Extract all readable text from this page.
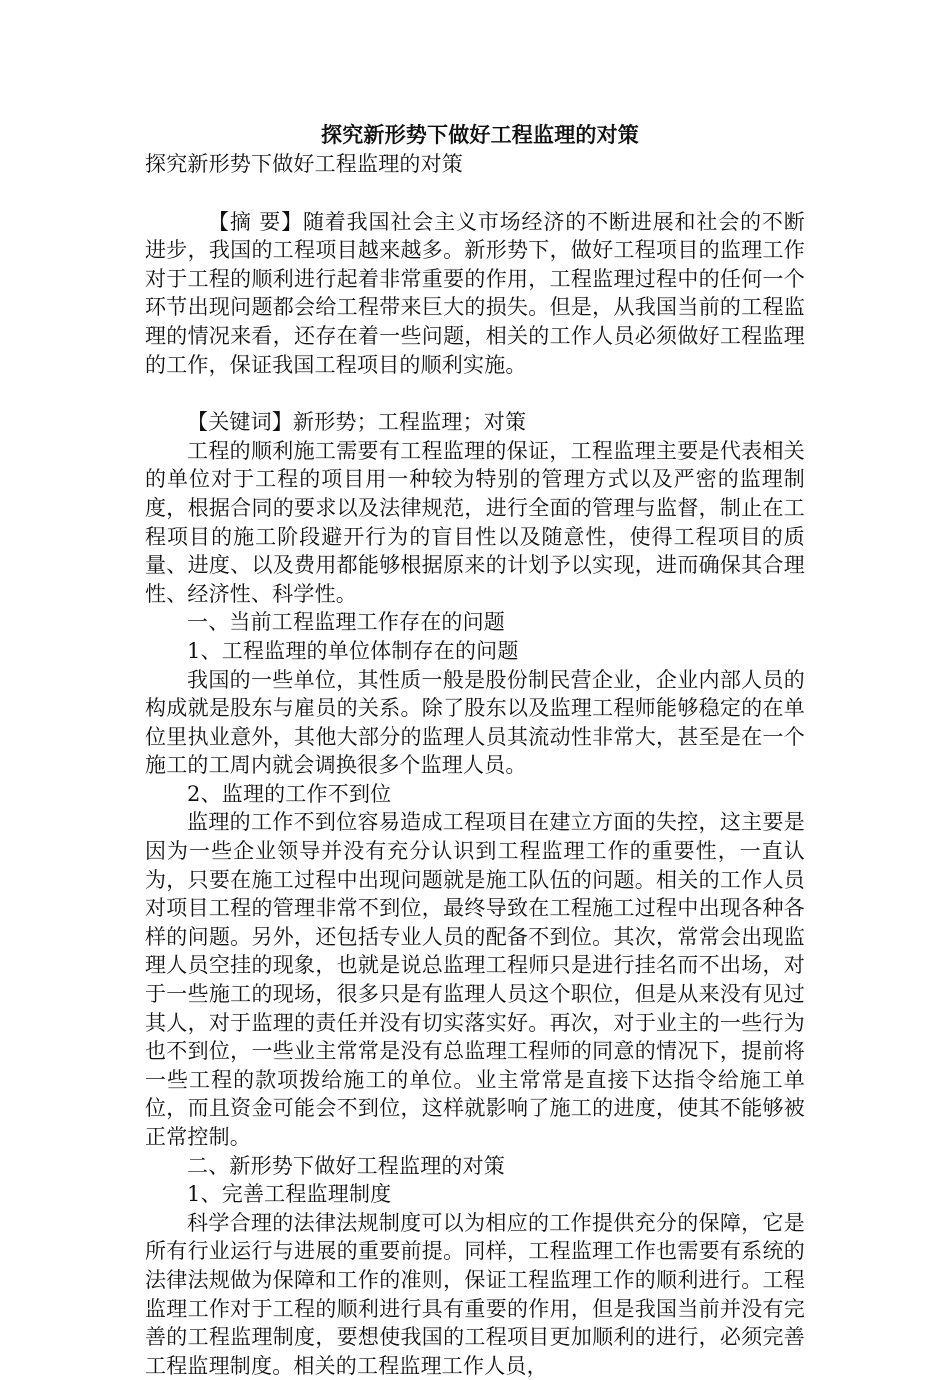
探究新形势下做好工程监理的对策

探究新形势下做好工程监理的对策

【摘 要】随着我国社会主义市场经济的不断进展和社会的不断进步，我国的工程项目越来越多。新形势下，做好工程项目的监理工作对于工程的顺利进行起着非常重要的作用，工程监理过程中的任何一个环节出现问题都会给工程带来巨大的损失。但是，从我国当前的工程监理的情况来看，还存在着一些问题，相关的工作人员必须做好工程监理的工作，保证我国工程项目的顺利实施。

【关键词】新形势；工程监理；对策

工程的顺利施工需要有工程监理的保证，工程监理主要是代表相关的单位对于工程的项目用一种较为特别的管理方式以及严密的监理制度，根据合同的要求以及法律规范，进行全面的管理与监督，制止在工程项目的施工阶段避开行为的盲目性以及随意性，使得工程项目的质量、进度、以及费用都能够根据原来的计划予以实现，进而确保其合理性、经济性、科学性。

一、当前工程监理工作存在的问题

1、工程监理的单位体制存在的问题

我国的一些单位，其性质一般是股份制民营企业，企业内部人员的构成就是股东与雇员的关系。除了股东以及监理工程师能够稳定的在单位里执业意外，其他大部分的监理人员其流动性非常大，甚至是在一个施工的工周内就会调换很多个监理人员。

2、监理的工作不到位

监理的工作不到位容易造成工程项目在建立方面的失控，这主要是因为一些企业领导并没有充分认识到工程监理工作的重要性，一直认为，只要在施工过程中出现问题就是施工队伍的问题。相关的工作人员对项目工程的管理非常不到位，最终导致在工程施工过程中出现各种各样的问题。另外，还包括专业人员的配备不到位。其次，常常会出现监理人员空挂的现象，也就是说总监理工程师只是进行挂名而不出场，对于一些施工的现场，很多只是有监理人员这个职位，但是从来没有见过其人，对于监理的责任并没有切实落实好。再次，对于业主的一些行为也不到位，一些业主常常是没有总监理工程师的同意的情况下，提前将一些工程的款项拨给施工的单位。业主常常是直接下达指令给施工单位，而且资金可能会不到位，这样就影响了施工的进度，使其不能够被正常控制。

二、新形势下做好工程监理的对策

1、完善工程监理制度

科学合理的法律法规制度可以为相应的工作提供充分的保障，它是所有行业运行与进展的重要前提。同样，工程监理工作也需要有系统的法律法规做为保障和工作的准则，保证工程监理工作的顺利进行。工程监理工作对于工程的顺利进行具有重要的作用，但是我国当前并没有完善的工程监理制度，要想使我国的工程项目更加顺利的进行，必须完善工程监理制度。相关的工程监理工作人员，
